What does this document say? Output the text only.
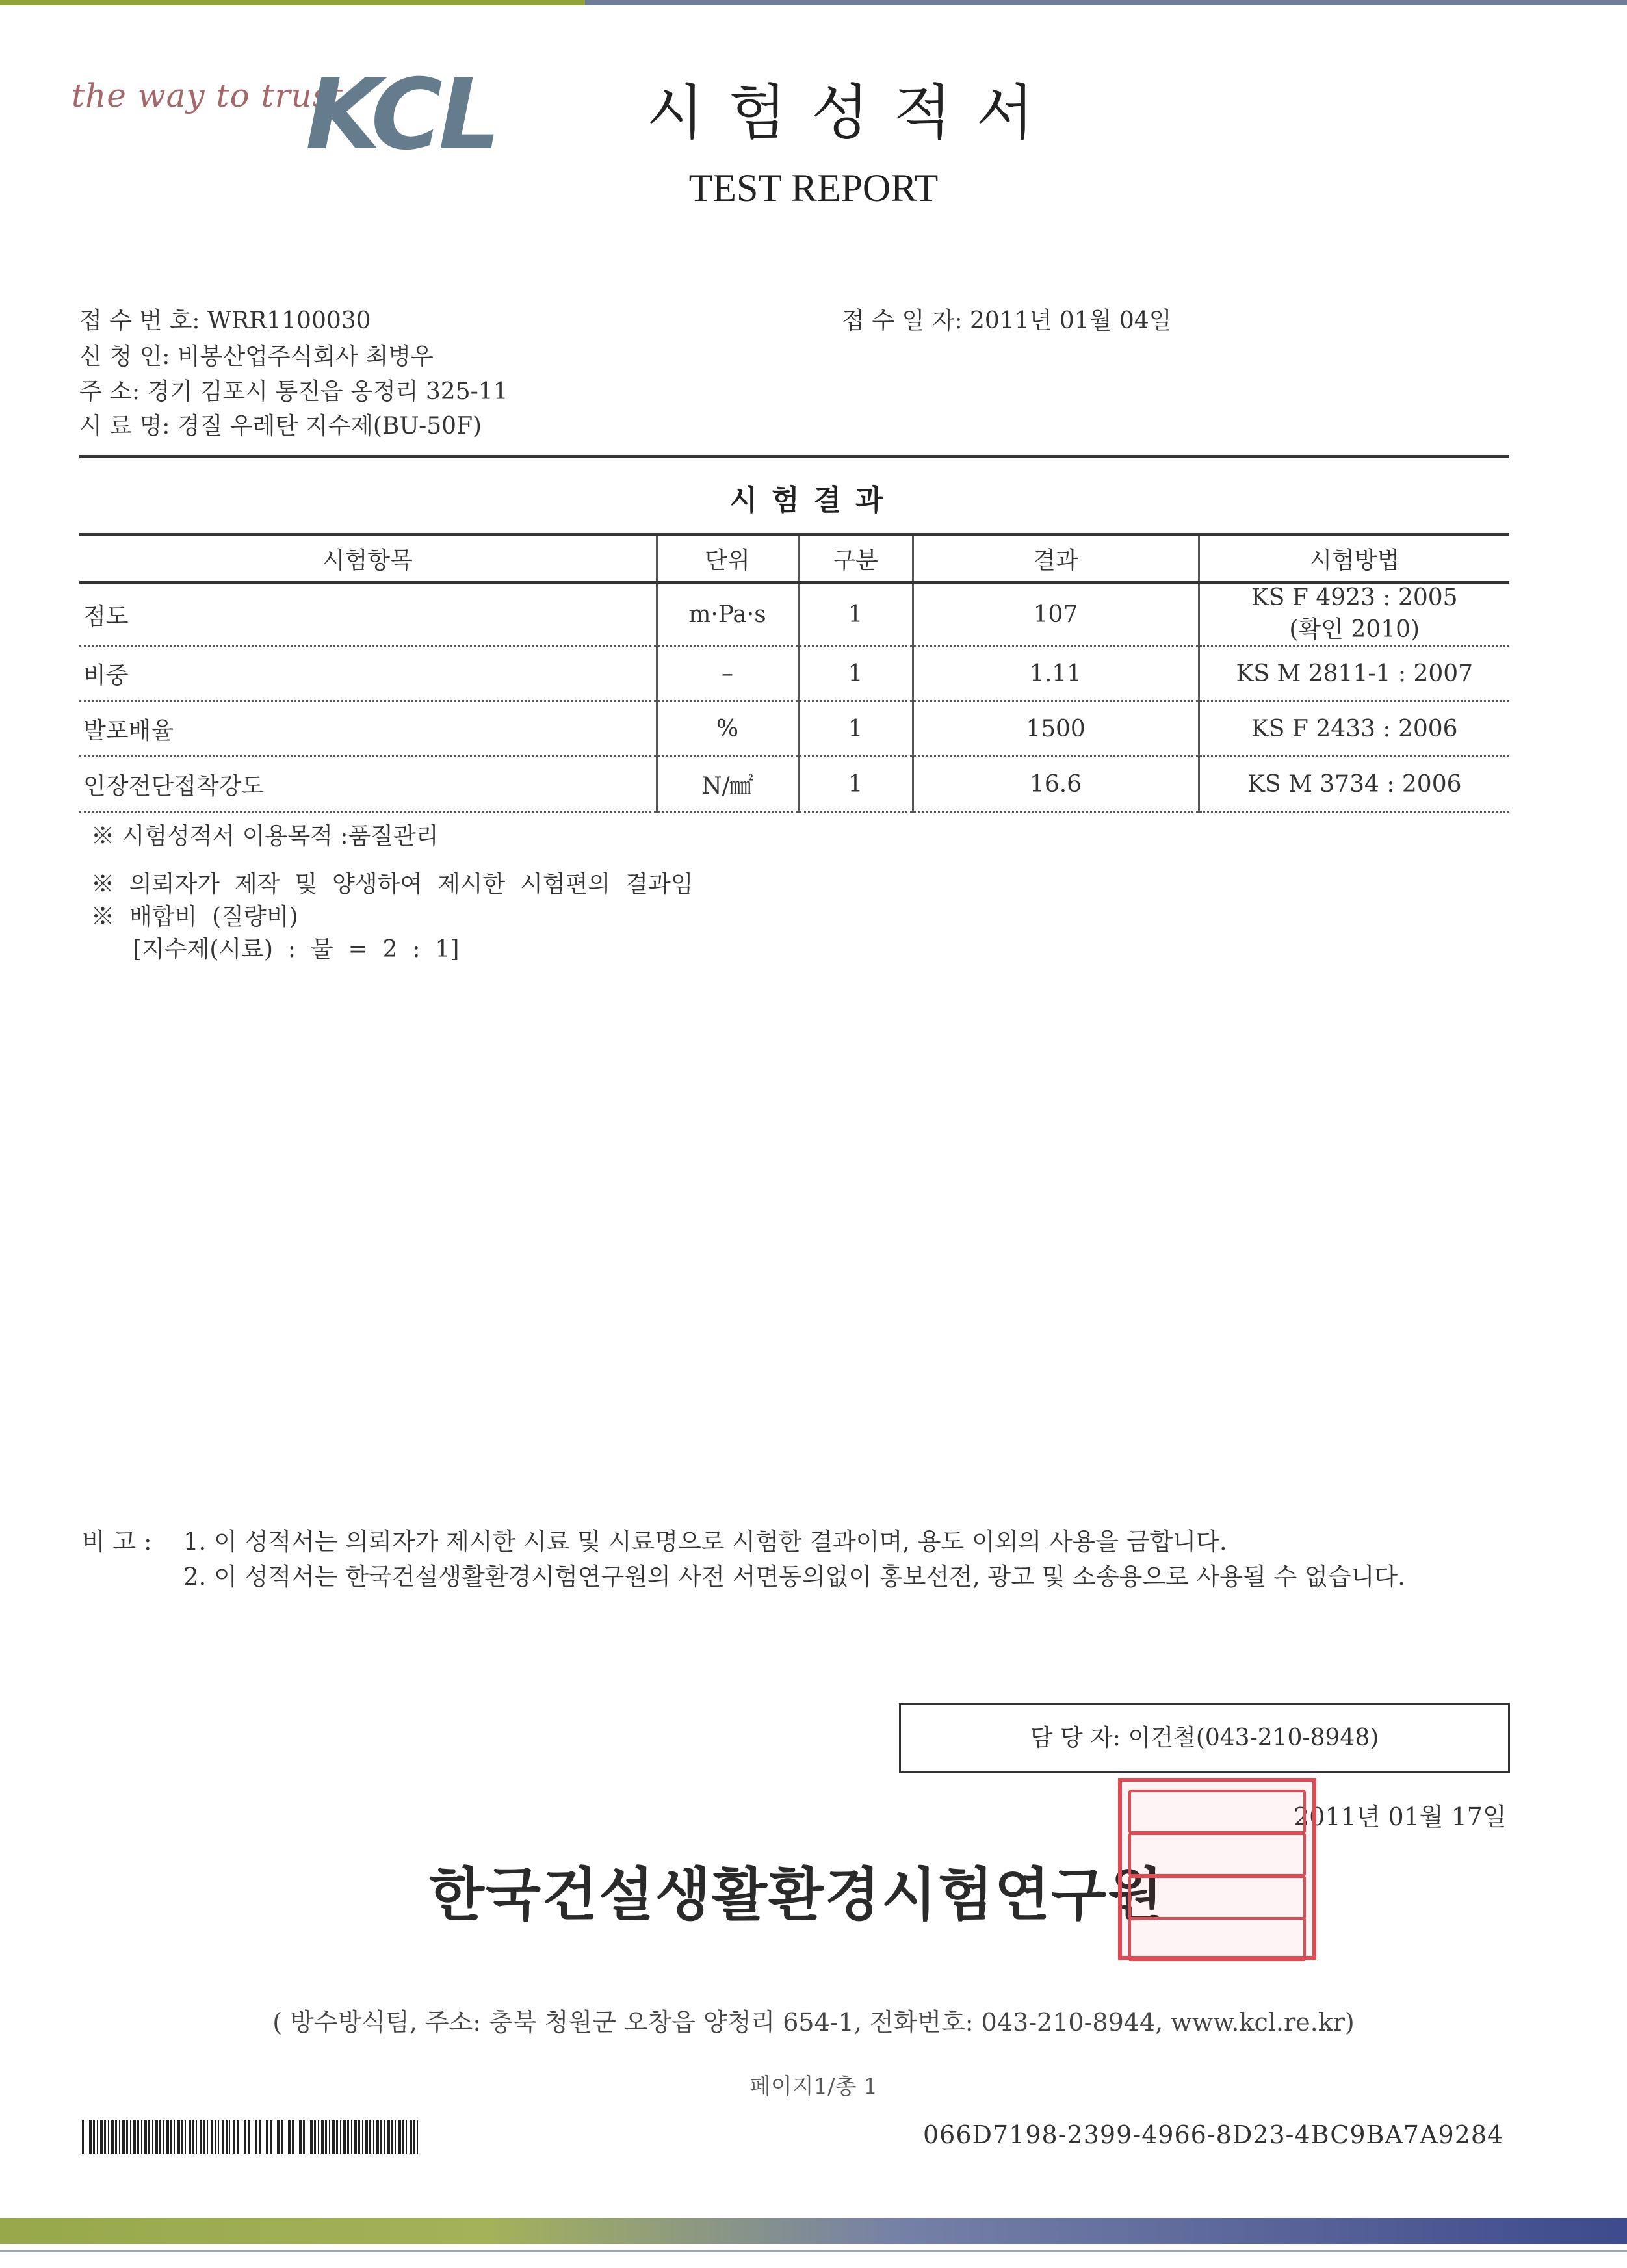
the way to trust
KCL	시험성적서
TEST REPORT
접 수 번 호: WRR1100030	접 수 일 자: 2011년 01월 04일
신 청 인: 비봉산업주식회사 최병우
주 소: 경기 김포시 통진읍 옹정리 325-11
시 료 명: 경질 우레탄 지수제(BU-50F)
시험결과
시험항목	단위	구분	결과	시험방법
점도	m·Pa·s	1	107	KS F 4923 : 2005
(확인 2010)

비중	–	1	1.11	KS M 2811-1 : 2007
발포배율	%	1	1500	KS F 2433 : 2006
인장전단접착강도	N/㎟	1	16.6	KS M 3734 : 2006
※ 시험성적서 이용목적 :품질관리
※  의뢰자가  제작  및  양생하여  제시한  시험편의  결과임
※  배합비  (질량비)
[지수제(시료)  :  물  =  2  :  1]
비 고 : 1. 이 성적서는 의뢰자가 제시한 시료 및 시료명으로 시험한 결과이며, 용도 이외의 사용을 금합니다.
2. 이 성적서는 한국건설생활환경시험연구원의 사전 서면동의없이 홍보선전, 광고 및 소송용으로 사용될 수 없습니다.
담 당 자: 이건철(043-210-8948)
2011년 01월 17일
한국건설생활환경시험연구원
( 방수방식팀, 주소: 충북 청원군 오창읍 양청리 654-1, 전화번호: 043-210-8944, www.kcl.re.kr)
페이지1/총 1
066D7198-2399-4966-8D23-4BC9BA7A9284
